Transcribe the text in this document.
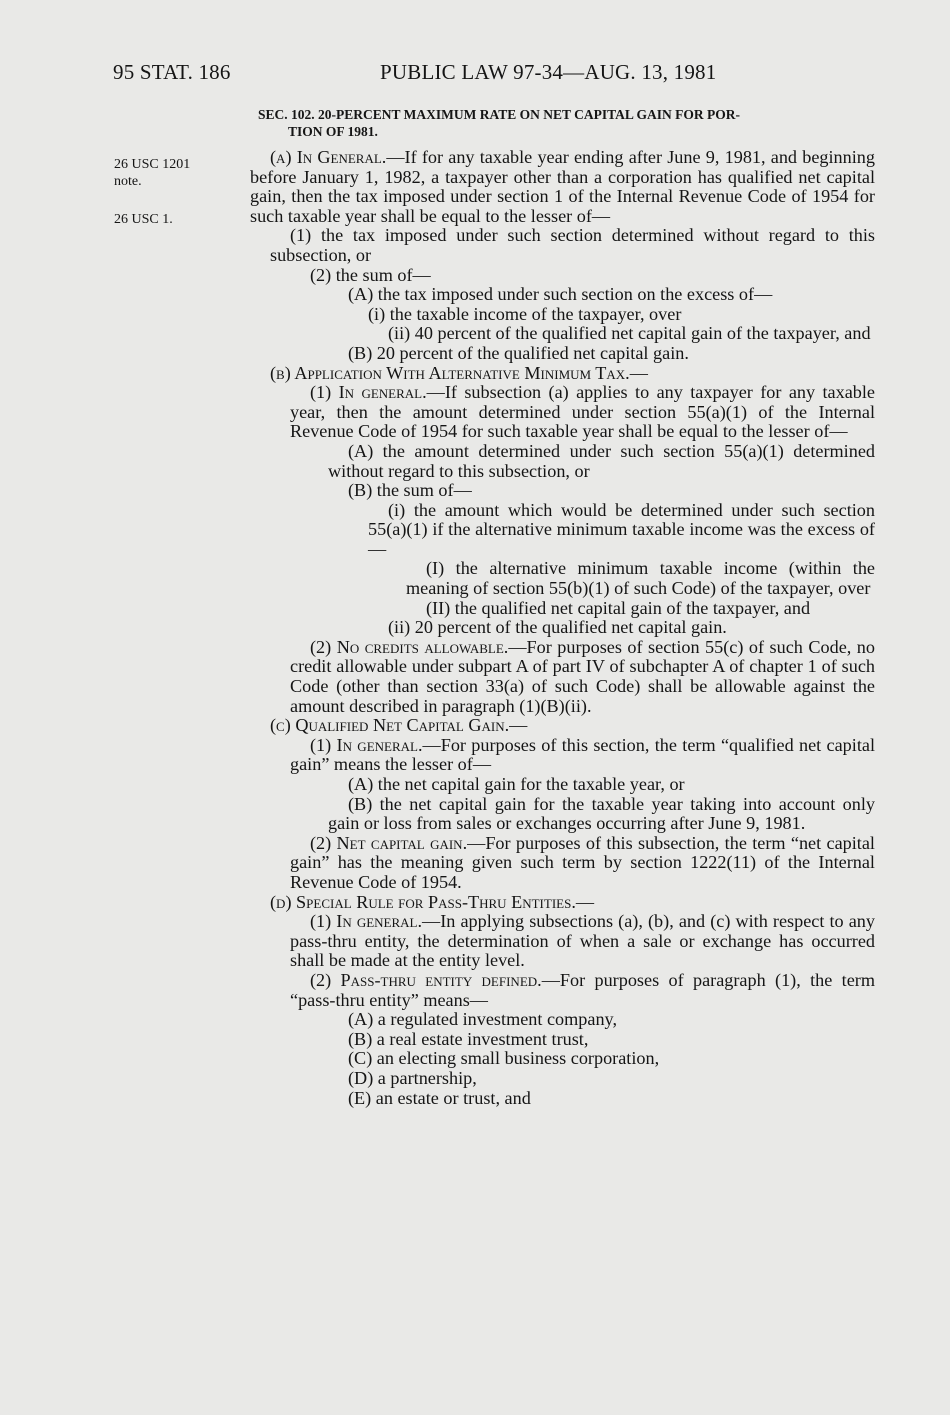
95 STAT. 186	PUBLIC LAW 97-34—AUG. 13, 1981
26 USC 1201
note.
26 USC 1.

SEC. 102. 20-PERCENT MAXIMUM RATE ON NET CAPITAL GAIN FOR POR-
TION OF 1981.

(a) In General.—If for any taxable year ending after June 9, 1981, and beginning before January 1, 1982, a taxpayer other than a corporation has qualified net capital gain, then the tax imposed under section 1 of the Internal Revenue Code of 1954 for such taxable year shall be equal to the lesser of—

(1) the tax imposed under such section determined without regard to this subsection, or

(2) the sum of—

(A) the tax imposed under such section on the excess of—

(i) the taxable income of the taxpayer, over

(ii) 40 percent of the qualified net capital gain of the taxpayer, and

(B) 20 percent of the qualified net capital gain.

(b) Application With Alternative Minimum Tax.—

(1) In general.—If subsection (a) applies to any taxpayer for any taxable year, then the amount determined under section 55(a)(1) of the Internal Revenue Code of 1954 for such taxable year shall be equal to the lesser of—

(A) the amount determined under such section 55(a)(1) determined without regard to this subsection, or

(B) the sum of—

(i) the amount which would be determined under such section 55(a)(1) if the alternative minimum taxable income was the excess of—

(I) the alternative minimum taxable income (within the meaning of section 55(b)(1) of such Code) of the taxpayer, over

(II) the qualified net capital gain of the taxpayer, and

(ii) 20 percent of the qualified net capital gain.

(2) No credits allowable.—For purposes of section 55(c) of such Code, no credit allowable under subpart A of part IV of subchapter A of chapter 1 of such Code (other than section 33(a) of such Code) shall be allowable against the amount described in paragraph (1)(B)(ii).

(c) Qualified Net Capital Gain.—

(1) In general.—For purposes of this section, the term “qualified net capital gain” means the lesser of—

(A) the net capital gain for the taxable year, or

(B) the net capital gain for the taxable year taking into account only gain or loss from sales or exchanges occurring after June 9, 1981.

(2) Net capital gain.—For purposes of this subsection, the term “net capital gain” has the meaning given such term by section 1222(11) of the Internal Revenue Code of 1954.

(d) Special Rule for Pass-Thru Entities.—

(1) In general.—In applying subsections (a), (b), and (c) with respect to any pass-thru entity, the determination of when a sale or exchange has occurred shall be made at the entity level.

(2) Pass-thru entity defined.—For purposes of paragraph (1), the term “pass-thru entity” means—

(A) a regulated investment company,

(B) a real estate investment trust,

(C) an electing small business corporation,

(D) a partnership,

(E) an estate or trust, and
